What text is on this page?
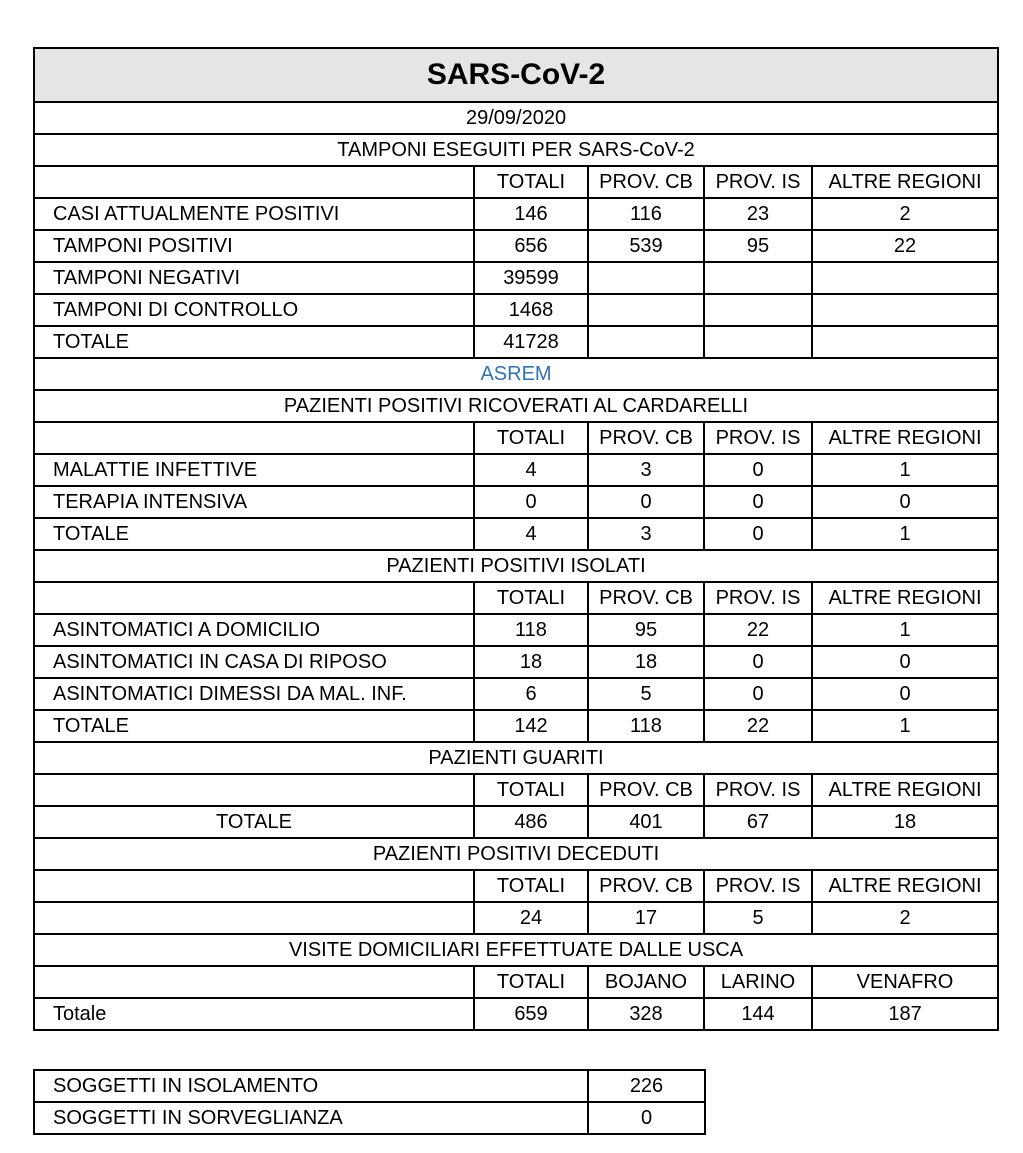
SARS-CoV-2				
29/09/2020				
TAMPONI ESEGUITI PER SARS-CoV-2				
	TOTALI	PROV. CB	PROV. IS	ALTRE REGIONI
CASI ATTUALMENTE POSITIVI	146	116	23	2
TAMPONI POSITIVI	656	539	95	22
TAMPONI NEGATIVI	39599			
TAMPONI DI CONTROLLO	1468			
TOTALE	41728			
ASREM				
PAZIENTI POSITIVI RICOVERATI AL CARDARELLI				
	TOTALI	PROV. CB	PROV. IS	ALTRE REGIONI
MALATTIE INFETTIVE	4	3	0	1
TERAPIA INTENSIVA	0	0	0	0
TOTALE	4	3	0	1
PAZIENTI POSITIVI ISOLATI				
	TOTALI	PROV. CB	PROV. IS	ALTRE REGIONI
ASINTOMATICI A DOMICILIO	118	95	22	1
ASINTOMATICI IN CASA DI RIPOSO	18	18	0	0
ASINTOMATICI DIMESSI DA MAL. INF.	6	5	0	0
TOTALE	142	118	22	1
PAZIENTI GUARITI				
	TOTALI	PROV. CB	PROV. IS	ALTRE REGIONI
TOTALE	486	401	67	18
PAZIENTI POSITIVI DECEDUTI				
	TOTALI	PROV. CB	PROV. IS	ALTRE REGIONI
	24	17	5	2
VISITE DOMICILIARI EFFETTUATE DALLE USCA				
	TOTALI	BOJANO	LARINO	VENAFRO
Totale	659	328	144	187
SOGGETTI IN ISOLAMENTO	226
SOGGETTI IN SORVEGLIANZA	0
